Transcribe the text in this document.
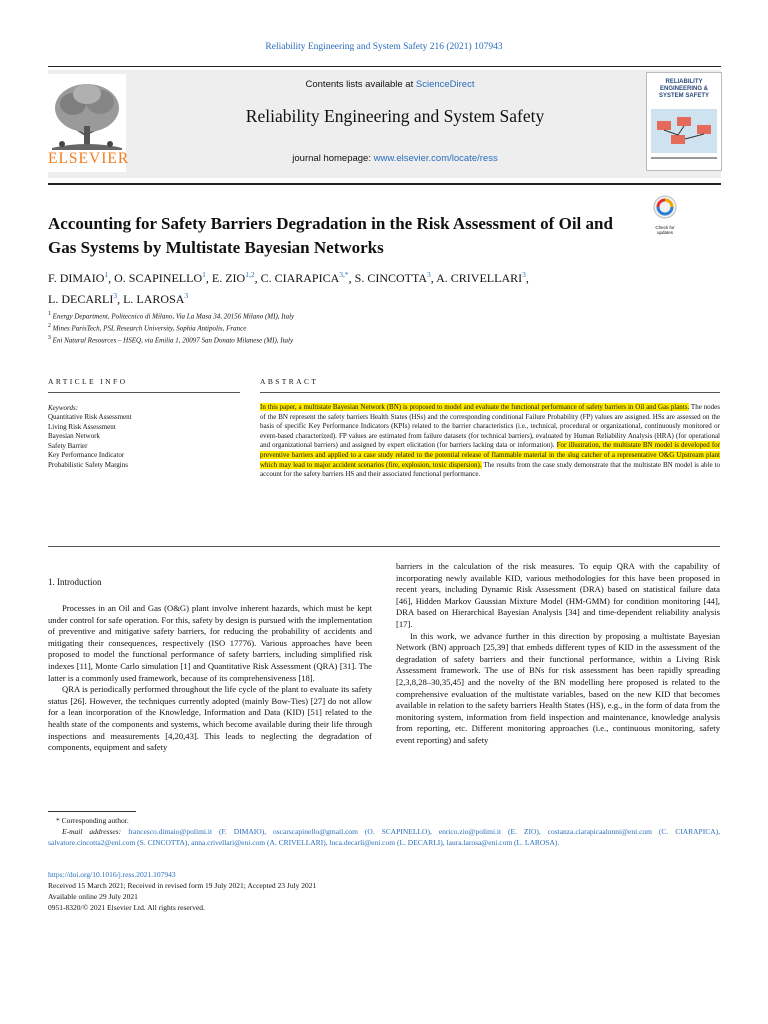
Reliability Engineering and System Safety 216 (2021) 107943
ELSEVIER
Contents lists available at ScienceDirect
Reliability Engineering and System Safety
journal homepage: www.elsevier.com/locate/ress
RELIABILITY ENGINEERING & SYSTEM SAFETY
Accounting for Safety Barriers Degradation in the Risk Assessment of Oil and Gas Systems by Multistate Bayesian Networks
Check for updates
F. DIMAIO$^1$, O. SCAPINELLO$^1$, E. ZIO$^{1,2}$, C. $CIARAPICA^{3,*}$, S. CINCOTTA$^3$, A. CRIVELLARI$^3$,
L. DECARLI$^3$, L. LAROSA$^3$
$^1$ Energy Department, Politecnico di Milano, Via La Masa 34, 20156 Milano (MI), Italy
$^2$ Mines ParisTech, PSL Research University, Sophia Antipolis, France
$^3$ Eni Natural Resources – HSEQ, via Emilia 1, 20097 San Donato Milanese (MI), Italy
ARTICLE INFO	ABSTRACT
Keywords:
Quantitative Risk Assessment
Living Risk Assessment
Bayesian Network
Safety Barrier
Key Performance Indicator
Probabilistic Safety Margins
In this paper, a multistate Bayesian Network (BN) is proposed to model and evaluate the functional performance of safety barriers in Oil and Gas plants. The nodes of the BN represent the safety barriers Health States (HSs) and the corresponding conditional Failure Probability (FP) values are assigned. HSs are assessed on the basis of specific Key Performance Indicators (KPIs) related to the barrier characteristics (i.e., technical, procedural or organizational, continuously monitored or event-based characterized). FP values are estimated from failure datasets (for technical barriers), evaluated by Human Reliability Analysis (HRA) (for operational and organizational barriers) and assigned by expert elicitation (for barriers lacking data or information). For illustration, the multistate BN model is developed for preventive barriers and applied to a case study related to the potential release of flammable material in the slug catcher of a representative O&G Upstream plant which may lead to major accident scenarios (fire, explosion, toxic dispersion). The results from the case study demonstrate that the multistate BN model is able to account for the safety barriers HS and their associated functional performance.
1. Introduction
Processes in an Oil and Gas (O&G) plant involve inherent hazards, which must be kept under control for safe operation. For this, safety by design is pursued with the implementation of preventive and mitigative safety barriers, for reducing the probability of accidents and mitigating their consequences, respectively (ISO 17776). Various approaches have been proposed to model the functional performance of safety barriers, including simplified risk indexes [11], Monte Carlo simulation [1] and Quantitative Risk Assessment (QRA) [31]. The latter is a commonly used framework, because of its comprehensiveness [18].
QRA is periodically performed throughout the life cycle of the plant to evaluate its safety status [26]. However, the techniques currently adopted (mainly Bow-Ties) [27] do not allow for a lean incorporation of the Knowledge, Information and Data (KID) [51] related to the health state of the components and systems, which become available during their life through inspections and measurements [4,20,43]. This leads to neglecting the degradation of components, equipment and safety
barriers in the calculation of the risk measures. To equip QRA with the capability of incorporating newly available KID, various methodologies for this have been proposed in recent years, including Dynamic Risk Assessment (DRA) based on statistical failure data [46], Hidden Markov Gaussian Mixture Model (HM-GMM) for condition monitoring [44], DRA based on Hierarchical Bayesian Analysis [34] and time-dependent reliability analysis [17].
In this work, we advance further in this direction by proposing a multistate Bayesian Network (BN) approach [25,39] that embeds different types of KID in the assessment of the degradation of safety barriers and their functional performance, within a Living Risk Assessment framework. The use of BNs for risk assessment has been rapidly spreading [2,3,8,28–30,35,45] and the novelty of the BN modelling here proposed is related to the comprehensive evaluation of the multistate variables, based on the new KID that becomes available in relation to the safety barriers Health States (HS), e.g., in the form of data from the monitoring system, information from field inspection and maintenance, knowledge analysis from reporting, etc. Different monitoring approaches (i.e., continuous monitoring, safety event reporting) and safety
* Corresponding author.
E-mail addresses: francesco.dimaio@polimi.it (F. DIMAIO), oscarscapinello@gmail.com (O. SCAPINELLO), enrico.zio@polimi.it (E. ZIO), costanza.ciarapicaalunni@eni.com (C. CIARAPICA), salvatore.cincotta2@eni.com (S. CINCOTTA), anna.crivellari@eni.com (A. CRIVELLARI), luca.decarli@eni.com (L. DECARLI), laura.larosa@eni.com (L. LAROSA).
https://doi.org/10.1016/j.ress.2021.107943
Received 15 March 2021; Received in revised form 19 July 2021; Accepted 23 July 2021
Available online 29 July 2021
0951-8320/© 2021 Elsevier Ltd. All rights reserved.
